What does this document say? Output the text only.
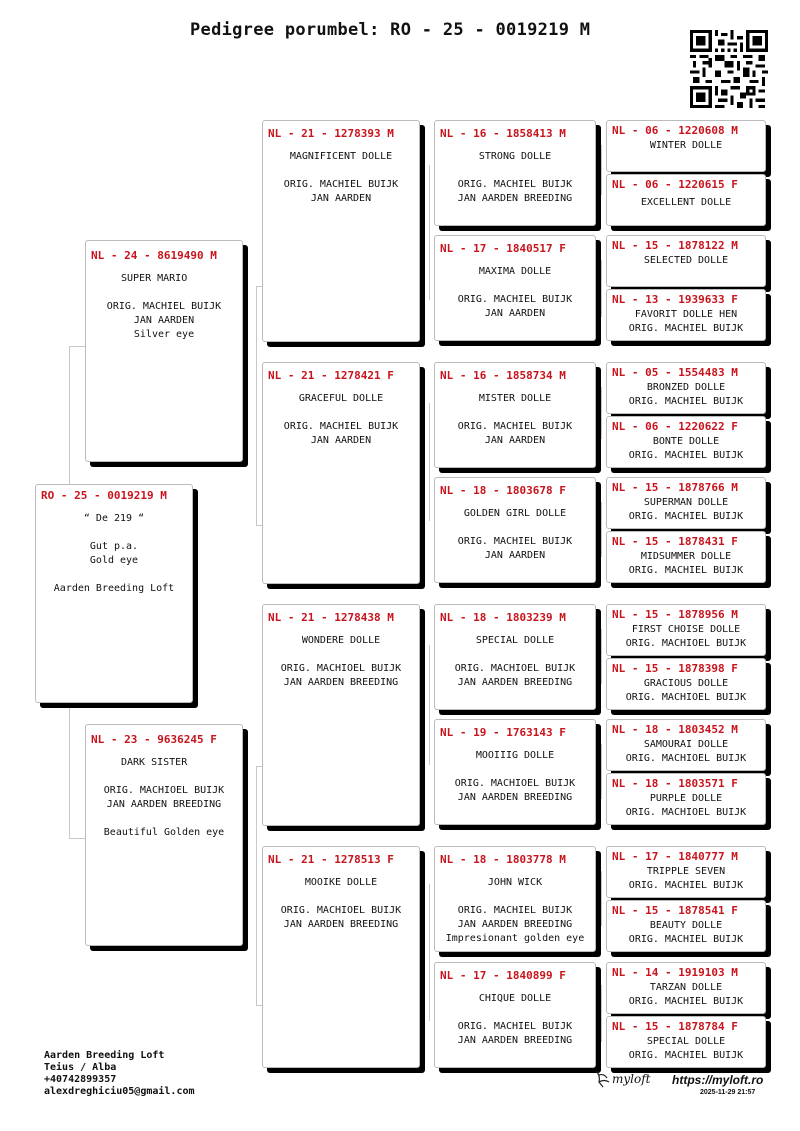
Pedigree porumbel: RO - 25 - 0019219 M
RO - 25 - 0019219 M
“ De 219 “
Gut p.a.
Gold eye
Aarden Breeding Loft
NL - 24 - 8619490 M
SUPER MARIO
ORIG. MACHIEL BUIJK
JAN AARDEN
Silver eye
NL - 23 - 9636245 F
DARK SISTER
ORIG. MACHIOEL BUIJK
JAN AARDEN BREEDING
Beautiful Golden eye
NL - 21 - 1278393 M
MAGNIFICENT DOLLE
ORIG. MACHIEL BUIJK
JAN AARDEN
NL - 21 - 1278421 F
GRACEFUL DOLLE
ORIG. MACHIEL BUIJK
JAN AARDEN
NL - 21 - 1278438 M
WONDERE DOLLE
ORIG. MACHIOEL BUIJK
JAN AARDEN BREEDING
NL - 21 - 1278513 F
MOOIKE DOLLE
ORIG. MACHIOEL BUIJK
JAN AARDEN BREEDING
NL - 16 - 1858413 M
STRONG DOLLE
ORIG. MACHIEL BUIJK
JAN AARDEN BREEDING
NL - 17 - 1840517 F
MAXIMA DOLLE
ORIG. MACHIEL BUIJK
JAN AARDEN
NL - 16 - 1858734 M
MISTER DOLLE
ORIG. MACHIEL BUIJK
JAN AARDEN
NL - 18 - 1803678 F
GOLDEN GIRL DOLLE
ORIG. MACHIEL BUIJK
JAN AARDEN
NL - 18 - 1803239 M
SPECIAL DOLLE
ORIG. MACHIOEL BUIJK
JAN AARDEN BREEDING
NL - 19 - 1763143 F
MOOIIIG DOLLE
ORIG. MACHIOEL BUIJK
JAN AARDEN BREEDING
NL - 18 - 1803778 M
JOHN WICK
ORIG. MACHIEL BUIJK
JAN AARDEN BREEDING
Impresionant golden eye
NL - 17 - 1840899 F
CHIQUE DOLLE
ORIG. MACHIEL BUIJK
JAN AARDEN BREEDING
NL - 06 - 1220608 M
WINTER DOLLE
NL - 06 - 1220615 F
EXCELLENT DOLLE
NL - 15 - 1878122 M
SELECTED DOLLE
NL - 13 - 1939633 F
FAVORIT DOLLE HEN
ORIG. MACHIEL BUIJK
NL - 05 - 1554483 M
BRONZED DOLLE
ORIG. MACHIEL BUIJK
NL - 06 - 1220622 F
BONTE DOLLE
ORIG. MACHIEL BUIJK
NL - 15 - 1878766 M
SUPERMAN DOLLE
ORIG. MACHIEL BUIJK
NL - 15 - 1878431 F
MIDSUMMER DOLLE
ORIG. MACHIEL BUIJK
NL - 15 - 1878956 M
FIRST CHOISE DOLLE
ORIG. MACHIOEL BUIJK
NL - 15 - 1878398 F
GRACIOUS DOLLE
ORIG. MACHIOEL BUIJK
NL - 18 - 1803452 M
SAMOURAI DOLLE
ORIG. MACHIOEL BUIJK
NL - 18 - 1803571 F
PURPLE DOLLE
ORIG. MACHIOEL BUIJK
NL - 17 - 1840777 M
TRIPPLE SEVEN
ORIG. MACHIEL BUIJK
NL - 15 - 1878541 F
BEAUTY DOLLE
ORIG. MACHIEL BUIJK
NL - 14 - 1919103 M
TARZAN DOLLE
ORIG. MACHIEL BUIJK
NL - 15 - 1878784 F
SPECIAL DOLLE
ORIG. MACHIEL BUIJK
Aarden Breeding Loft
Teius / Alba
+40742899357
alexdreghiciu05@gmail.com
myloft https://myloft.ro
2025-11-29 21:57
